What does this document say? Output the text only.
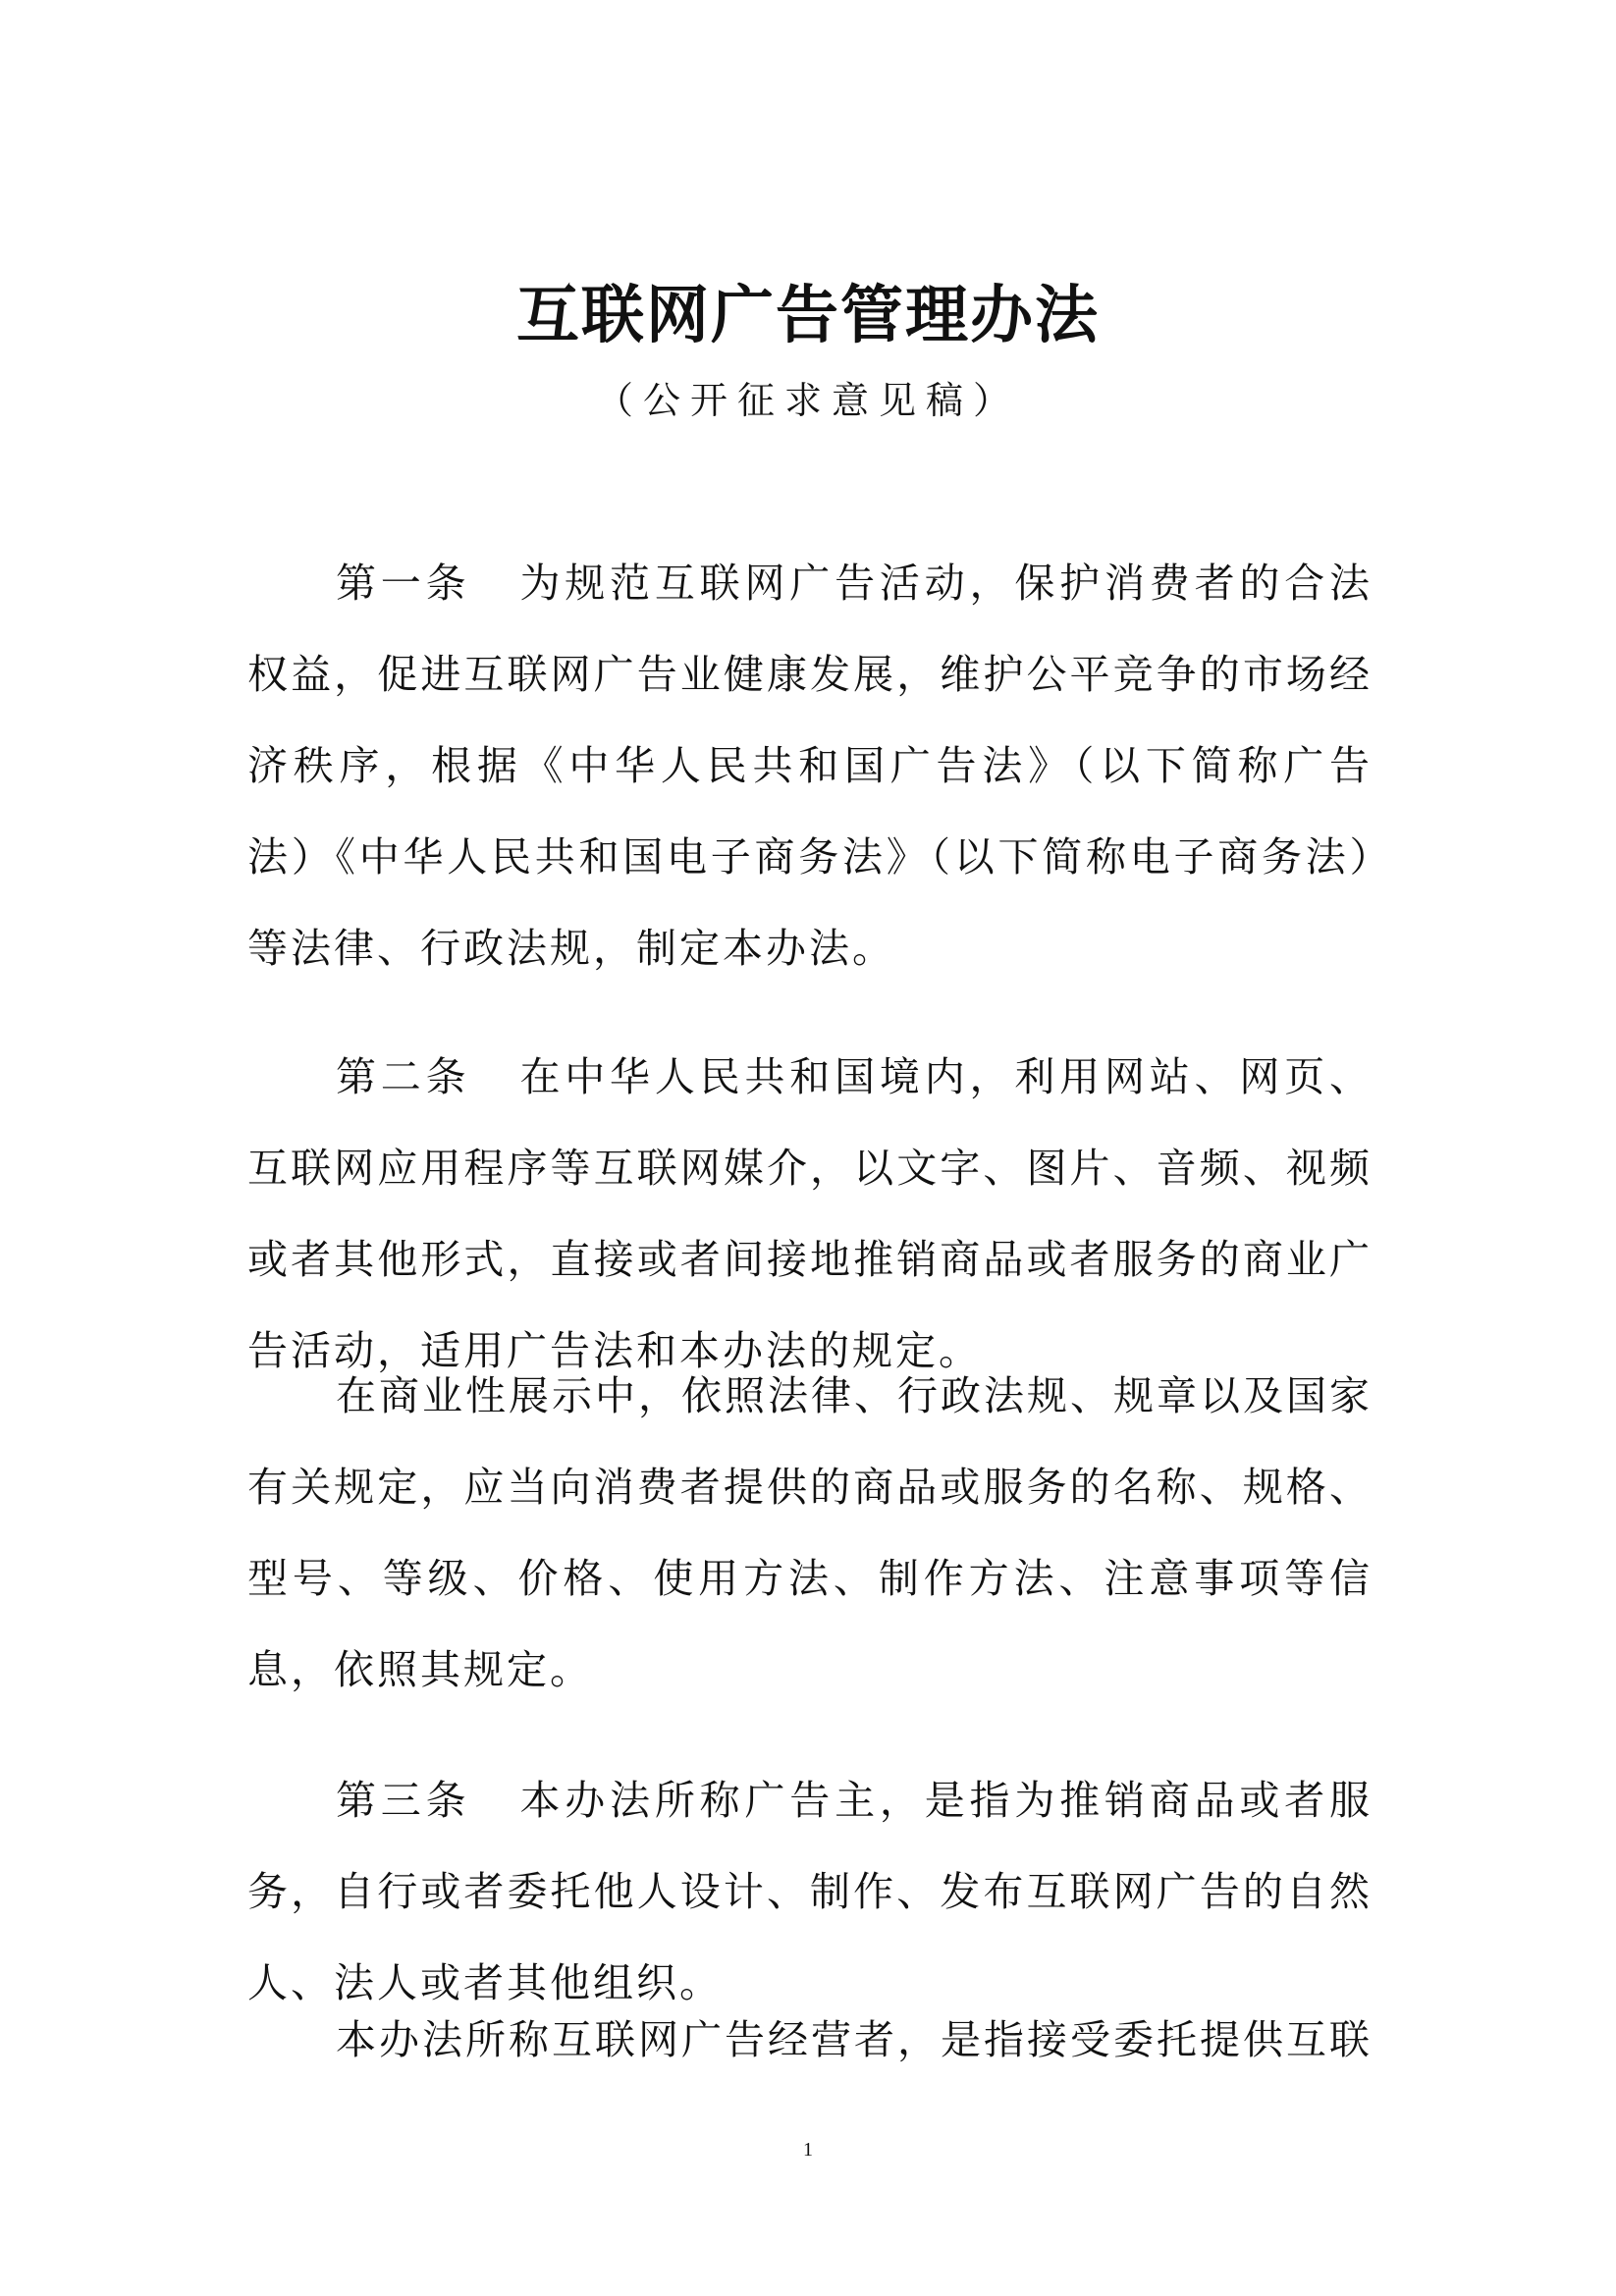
互联网广告管理办法
（公开征求意见稿）

第一条 为规范互联网广告活动，保护消费者的合法权益，促进互联网广告业健康发展，维护公平竞争的市场经济秩序，根据《中华人民共和国广告法》（以下简称广告法）《中华人民共和国电子商务法》（以下简称电子商务法）等法律、行政法规，制定本办法。

第二条 在中华人民共和国境内，利用网站、网页、互联网应用程序等互联网媒介，以文字、图片、音频、视频或者其他形式，直接或者间接地推销商品或者服务的商业广告活动，适用广告法和本办法的规定。

在商业性展示中，依照法律、行政法规、规章以及国家有关规定，应当向消费者提供的商品或服务的名称、规格、型号、等级、价格、使用方法、制作方法、注意事项等信息，依照其规定。

第三条 本办法所称广告主，是指为推销商品或者服务，自行或者委托他人设计、制作、发布互联网广告的自然人、法人或者其他组织。

本办法所称互联网广告经营者，是指接受委托提供互联

1
